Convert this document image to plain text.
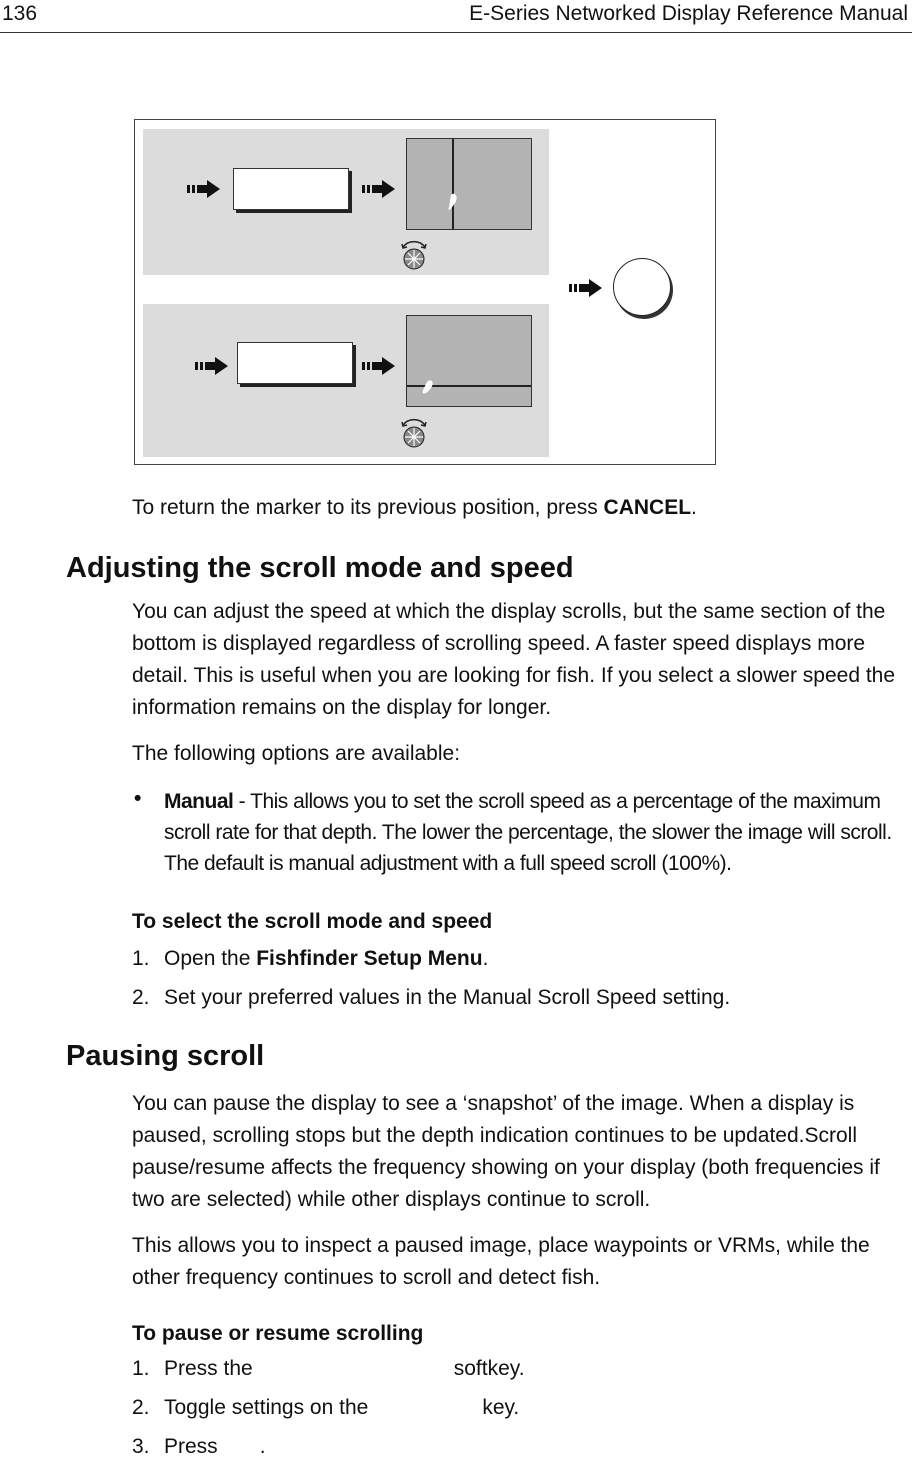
136	E-Series Networked Display Reference Manual

To return the marker to its previous position, press CANCEL.

Adjusting the scroll mode and speed

You can adjust the speed at which the display scrolls, but the same section of the bottom is displayed regardless of scrolling speed. A faster speed displays more detail. This is useful when you are looking for fish. If you select a slower speed the information remains on the display for longer.

The following options are available:

• Manual - This allows you to set the scroll speed as a percentage of the maximum scroll rate for that depth. The lower the percentage, the slower the image will scroll. The default is manual adjustment with a full speed scroll (100%).

To select the scroll mode and speed
1. Open the Fishfinder Setup Menu.
2. Set your preferred values in the Manual Scroll Speed setting.
Pausing scroll

You can pause the display to see a ‘snapshot’ of the image. When a display is paused, scrolling stops but the depth indication continues to be updated.Scroll pause/resume affects the frequency showing on your display (both frequencies if two are selected) while other displays continue to scroll.

This allows you to inspect a paused image, place waypoints or VRMs, while the other frequency continues to scroll and detect fish.

To pause or resume scrolling
1. Press the	softkey.
2. Toggle settings on the	key.
3. Press .
